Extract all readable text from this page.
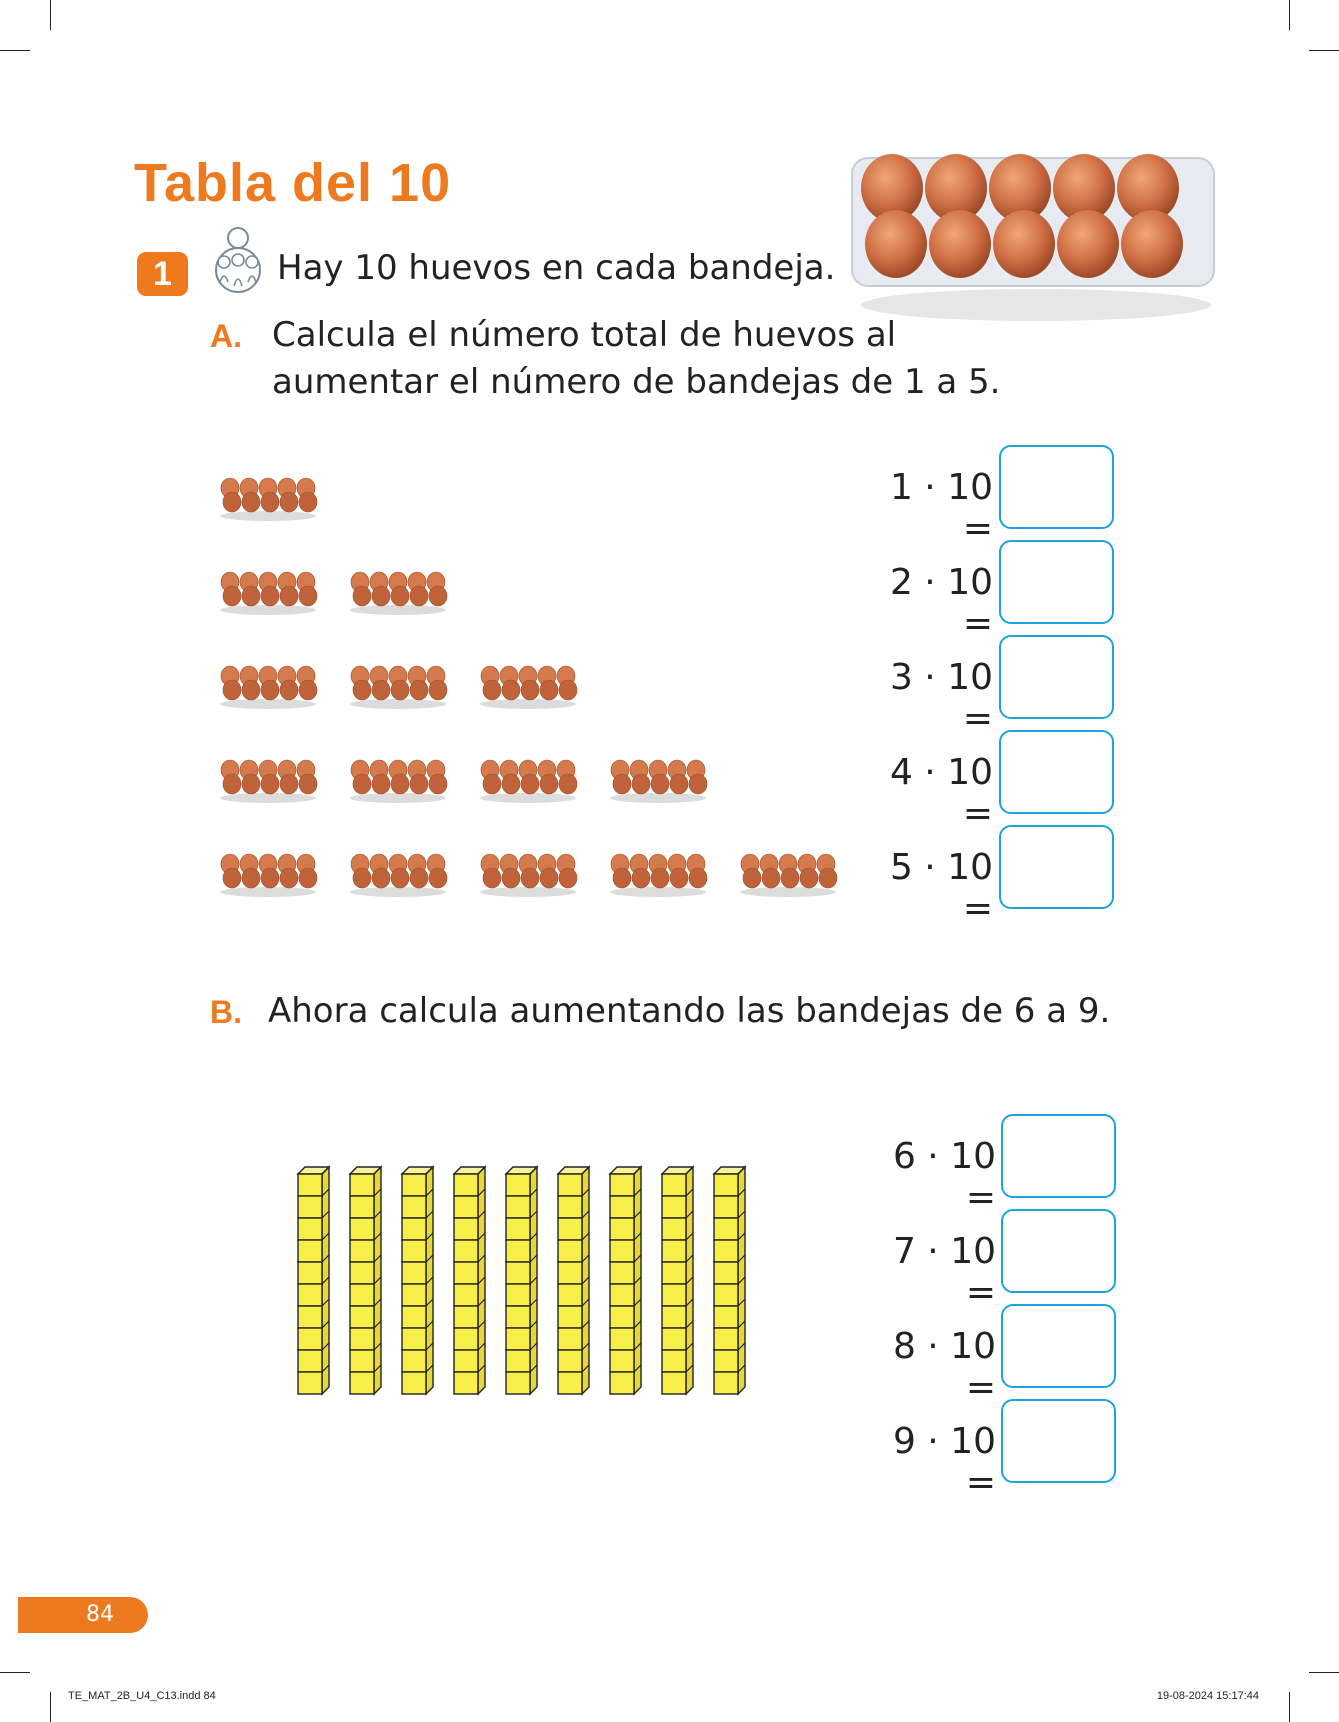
Tabla del 10
1	Hay 10 huevos en cada bandeja.
A. Calcula el número total de huevos al
aumentar el número de bandejas de 1 a 5.
1 · 10 =
2 · 10 =
3 · 10 =
4 · 10 =
5 · 10 =
B. Ahora calcula aumentando las bandejas de 6 a 9.
6 · 10 =
7 · 10 =
8 · 10 =
9 · 10 =
84
TE_MAT_2B_U4_C13.indd 84	19-08-2024 15:17:44
